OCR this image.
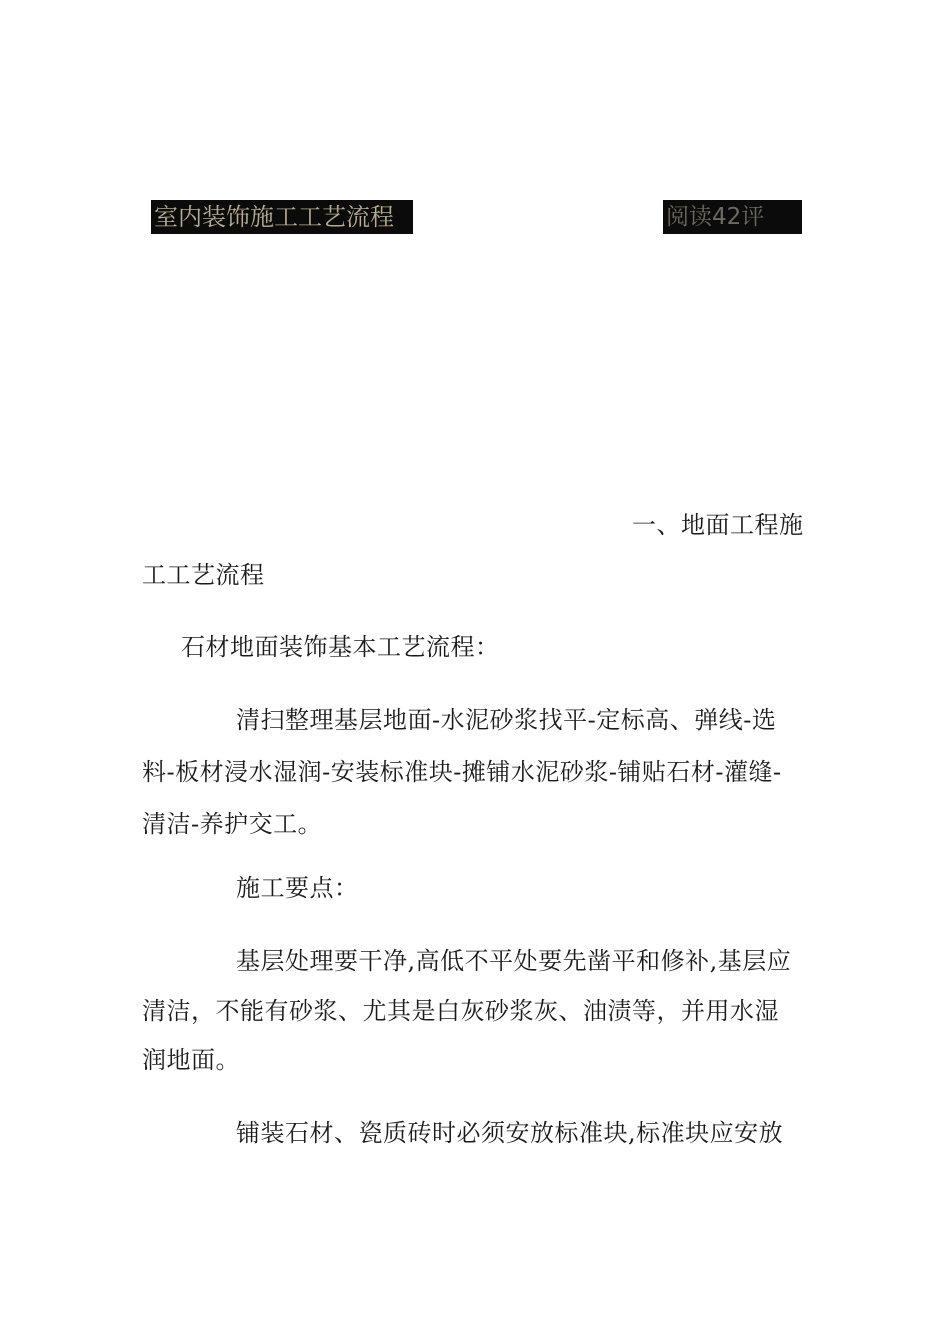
室内装饰施工工艺流程	阅读42评
一、地面工程施
工工艺流程
石材地面装饰基本工艺流程：
清扫整理基层地面-水泥砂浆找平-定标高、弹线-选
料-板材浸水湿润-安装标准块-摊铺水泥砂浆-铺贴石材-灌缝-
清洁-养护交工。
施工要点：
基层处理要干净,高低不平处要先凿平和修补,基层应
清洁，不能有砂浆、尤其是白灰砂浆灰、油渍等，并用水湿
润地面。
铺装石材、瓷质砖时必须安放标准块,标准块应安放
